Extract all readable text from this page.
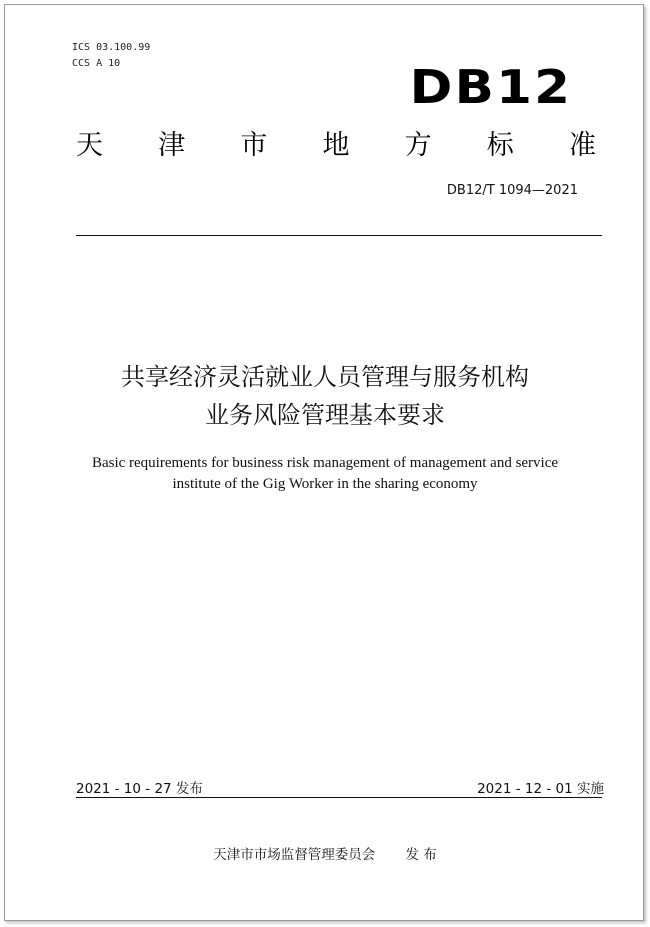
ICS 03.100.99
CCS A 10	DB12
天 津 市 地 方 标 准
DB12/T 1094—2021
共享经济灵活就业人员管理与服务机构
业务风险管理基本要求
Basic requirements for business risk management of management and service
institute of the Gig Worker in the sharing economy
2021 - 10 - 27 发布	2021 - 12 - 01 实施
天津市市场监督管理委员会 发 布
